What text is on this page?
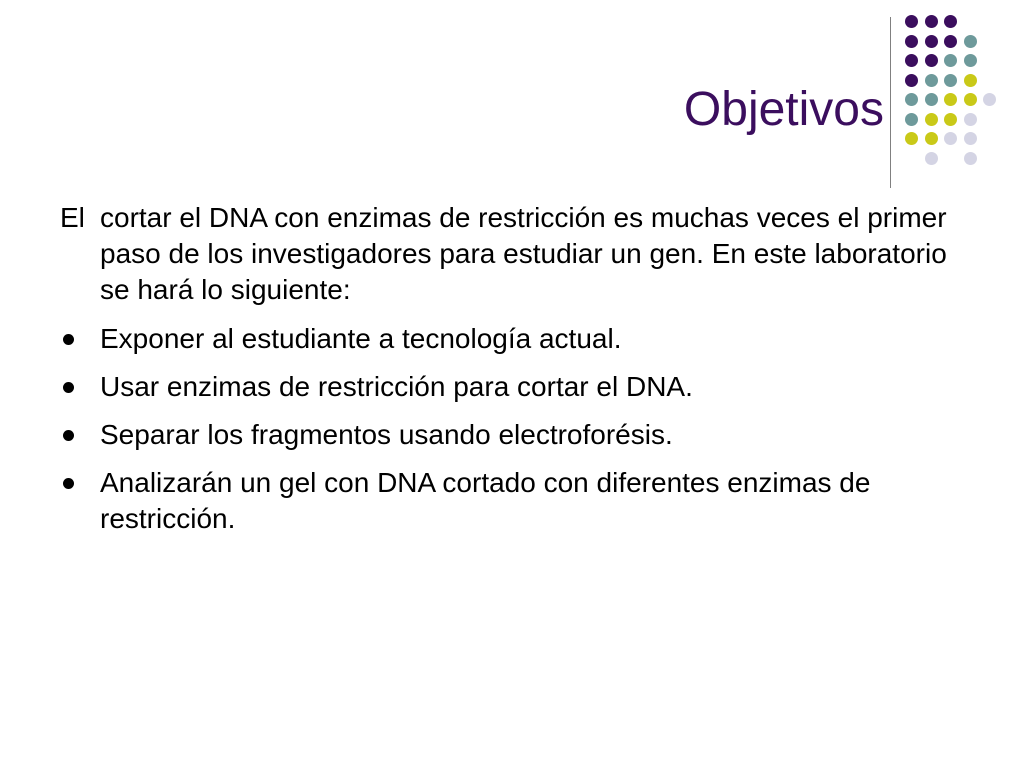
Objetivos
El cortar el DNA con enzimas de restricción es muchas veces el primer paso de los investigadores para estudiar un gen. En este laboratorio se hará lo siguiente:
Exponer al estudiante a tecnología actual.
Usar enzimas de restricción para cortar el DNA.
Separar los fragmentos usando electroforésis.
Analizarán un gel con DNA cortado con diferentes enzimas de restricción.
